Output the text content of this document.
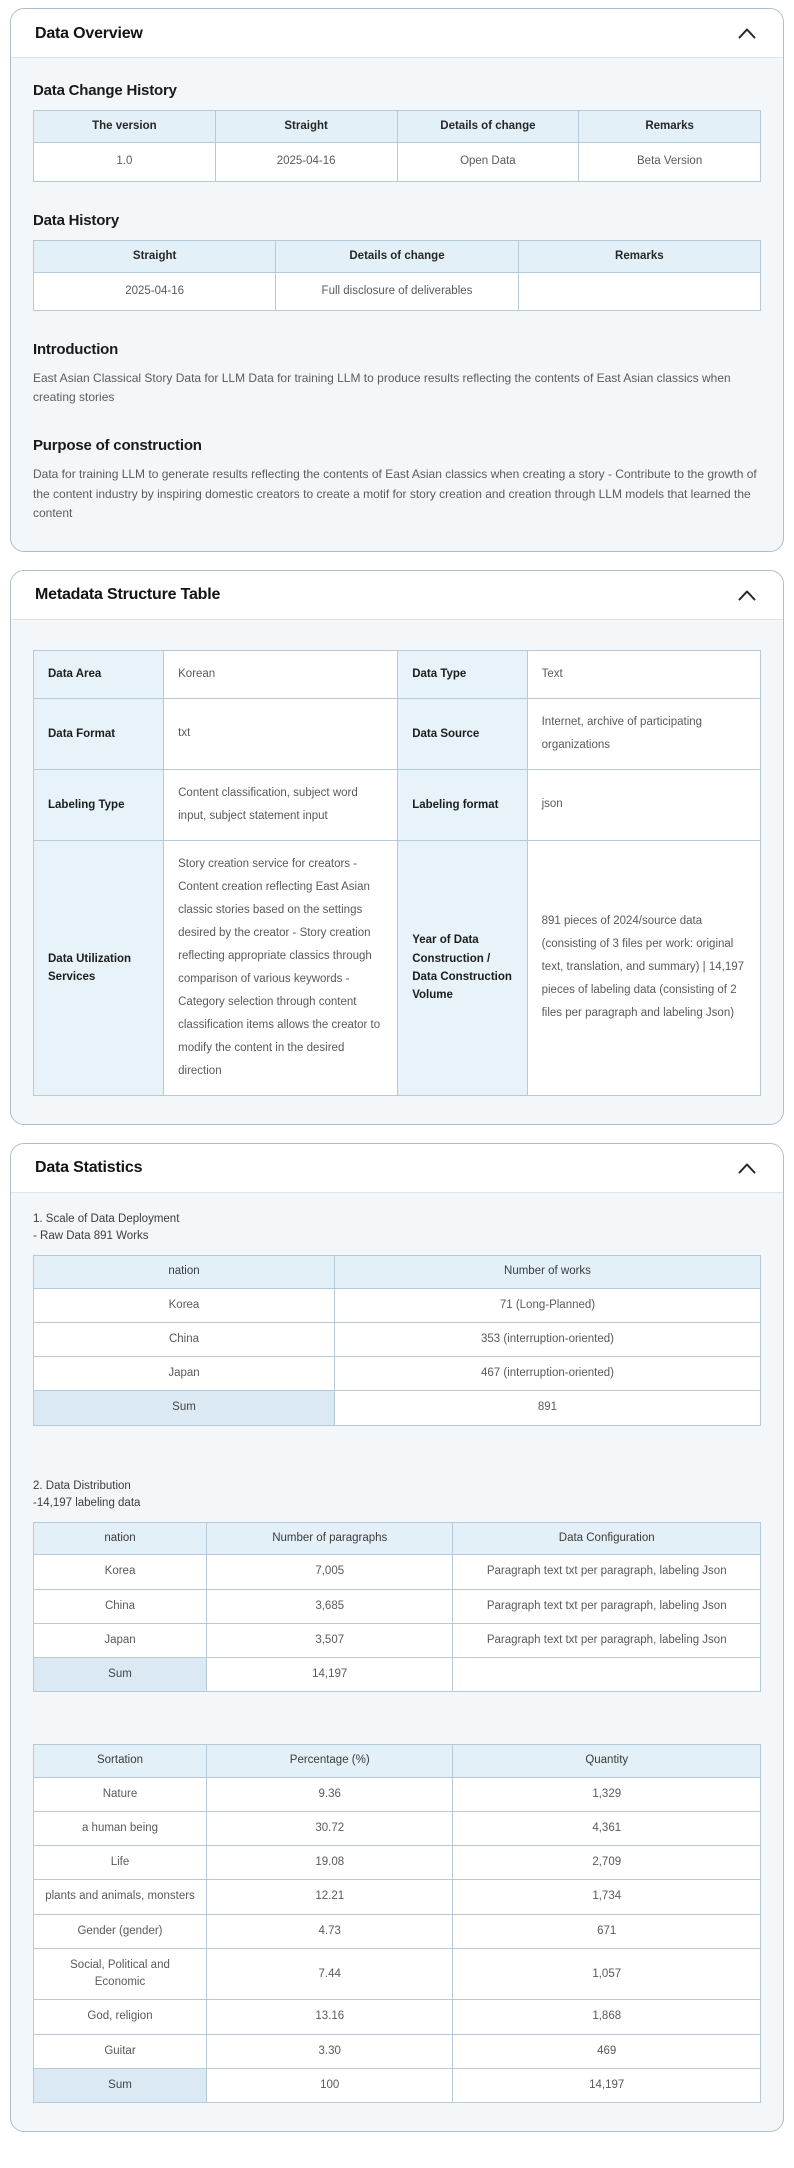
Data Overview
Data Change History
The version	Straight	Details of change	Remarks
1.0	2025-04-16	Open Data	Beta Version
Data History
Straight	Details of change	Remarks
2025-04-16	Full disclosure of deliverables	
Introduction

East Asian Classical Story Data for LLM Data for training LLM to produce results reflecting the contents of East Asian classics when creating stories

Purpose of construction

Data for training LLM to generate results reflecting the contents of East Asian classics when creating a story - Contribute to the growth of the content industry by inspiring domestic creators to create a motif for story creation and creation through LLM models that learned the content

Metadata Structure Table
Data Area	Korean	Data Type	Text
Data Format	txt	Data Source	Internet, archive of participating organizations
Labeling Type	Content classification, subject word input, subject statement input	Labeling format	json
Data Utilization Services	Story creation service for creators - Content creation reflecting East Asian classic stories based on the settings desired by the creator - Story creation reflecting appropriate classics through comparison of various keywords - Category selection through content classification items allows the creator to modify the content in the desired direction	Year of Data Construction / Data Construction Volume	891 pieces of 2024/source data (consisting of 3 files per work: original text, translation, and summary) | 14,197 pieces of labeling data (consisting of 2 files per paragraph and labeling Json)
Data Statistics

1. Scale of Data Deployment
- Raw Data 891 Works

nation	Number of works
Korea	71 (Long-Planned)
China	353 (interruption-oriented)
Japan	467 (interruption-oriented)
Sum	891

2. Data Distribution
-14,197 labeling data

nation	Number of paragraphs	Data Configuration
Korea	7,005	Paragraph text txt per paragraph, labeling Json
China	3,685	Paragraph text txt per paragraph, labeling Json
Japan	3,507	Paragraph text txt per paragraph, labeling Json
Sum	14,197	
Sortation	Percentage (%)	Quantity
Nature	9.36	1,329
a human being	30.72	4,361
Life	19.08	2,709
plants and animals, monsters	12.21	1,734
Gender (gender)	4.73	671
Social, Political and Economic	7.44	1,057
God, religion	13.16	1,868
Guitar	3.30	469
Sum	100	14,197
